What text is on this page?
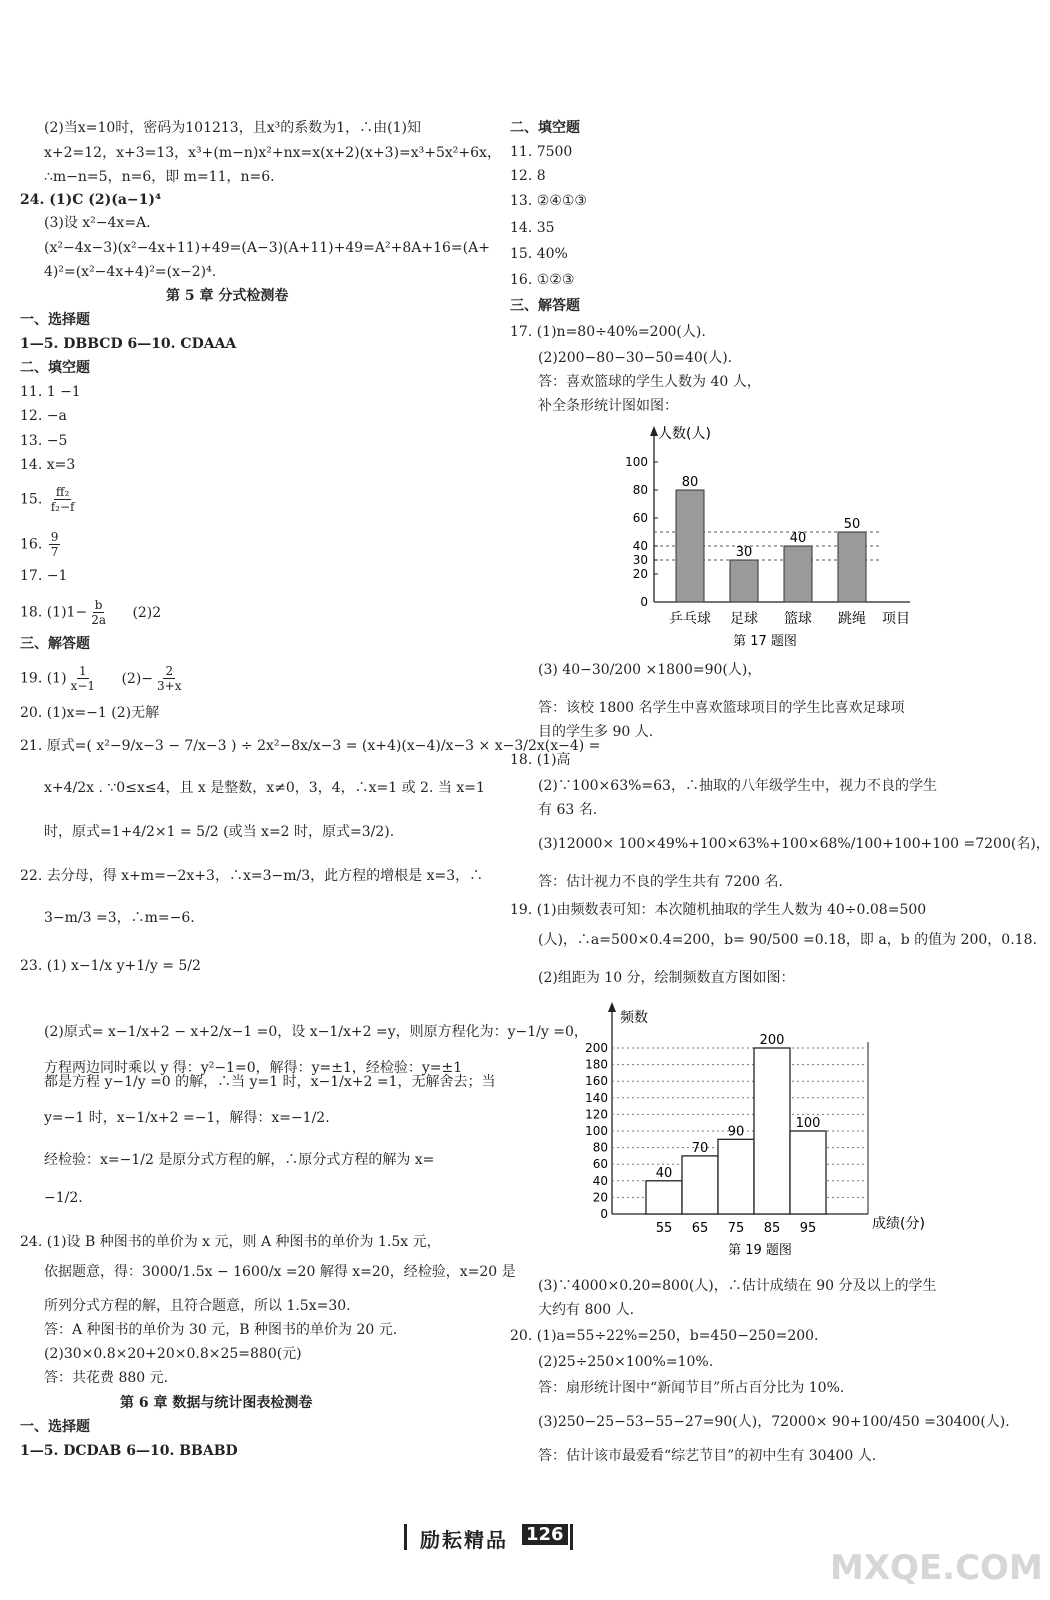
(2)当x=10时，密码为101213，且x³的系数为1，∴由(1)知
x+2=12，x+3=13，x³+(m−n)x²+nx=x(x+2)(x+3)=x³+5x²+6x，
∴m−n=5，n=6，即 m=11，n=6.
24. (1)C (2)(a−1)⁴
(3)设 x²−4x=A.
(x²−4x−3)(x²−4x+11)+49=(A−3)(A+11)+49=A²+8A+16=(A+
4)²=(x²−4x+4)²=(x−2)⁴.
第 5 章 分式检测卷
一、选择题
1—5. DBBCD 6—10. CDAAA
二、填空题
11. 1 −1
12. −a
13. −5
14. x=3
15. $\frac{\text{ff₂}}{\text{f₂−f}}$
16. $\frac{9}{7}$
17. −1
18. $(1)1- \frac{b}{2a} (2)2$
三、解答题
19. $(1) \frac{1}{x-1} (2)- \frac{2}{3+x}$
20. (1)x=−1 (2)无解
21. 原式=( x²−9/x−3 − 7/x−3 ) ÷ 2x²−8x/x−3 = (x+4)(x−4)/x−3 × x−3/2x(x−4) =
x+4/2x . ∵0≤x≤4，且 x 是整数，x≠0，3，4，∴x=1 或 2. 当 x=1
时，原式=1+4/2×1 = 5/2 (或当 x=2 时，原式=3/2).
22. 去分母，得 x+m=−2x+3，∴x=3−m/3，此方程的增根是 x=3，∴
3−m/3 =3，∴m=−6.
23. (1) x−1/x y+1/y = 5/2
(2)原式= x−1/x+2 − x+2/x−1 =0，设 x−1/x+2 =y，则原方程化为：y−1/y =0，
方程两边同时乘以 y 得：y²−1=0，解得：y=±1，经检验：y=±1
都是方程 y−1/y =0 的解，∴当 y=1 时，x−1/x+2 =1，无解舍去；当
y=−1 时，x−1/x+2 =−1，解得：x=−1/2.
经检验：x=−1/2 是原分式方程的解，∴原分式方程的解为 x=
−1/2.
24. (1)设 B 种图书的单价为 x 元，则 A 种图书的单价为 1.5x 元，
依据题意，得：3000/1.5x − 1600/x =20 解得 x=20，经检验，x=20 是
所列分式方程的解，且符合题意，所以 1.5x=30.
答：A 种图书的单价为 30 元，B 种图书的单价为 20 元.
(2)30×0.8×20+20×0.8×25=880(元)
答：共花费 880 元.
第 6 章 数据与统计图表检测卷
一、选择题
1—5. DCDAB 6—10. BBABD
二、填空题
11. 7500
12. 8
13. ②④①③
14. 35
15. 40%
16. ①②③
三、解答题
17. (1)n=80÷40%=200(人).
(2)200−80−30−50=40(人).
答：喜欢篮球的学生人数为 40 人，
补全条形统计图如图：
人数(人)
项目
0
20
30
40
60
80
100
80
乒乓球
30
足球
40
篮球
50
跳绳
第 17 题图
(3) 40−30/200 ×1800=90(人)，
答：该校 1800 名学生中喜欢篮球项目的学生比喜欢足球项
目的学生多 90 人.
18. (1)高
(2)∵100×63%=63，∴抽取的八年级学生中，视力不良的学生
有 63 名.
(3)12000× 100×49%+100×63%+100×68%/100+100+100 =7200(名)，
答：估计视力不良的学生共有 7200 名.
19. (1)由频数表可知：本次随机抽取的学生人数为 40÷0.08=500
(人)，∴a=500×0.4=200，b= 90/500 =0.18，即 a，b 的值为 200，0.18.
(2)组距为 10 分，绘制频数直方图如图：
频数
成绩(分)
0
20
40
60
80
100
120
140
160
180
200
40
70
90
200
100
55 65 75 85 95
第 19 题图
(3)∵4000×0.20=800(人)，∴估计成绩在 90 分及以上的学生
大约有 800 人.
20. (1)a=55÷22%=250，b=450−250=200.
(2)25÷250×100%=10%.
答：扇形统计图中“新闻节目”所占百分比为 10%.
(3)250−25−53−55−27=90(人)，72000× 90+100/450 =30400(人).
答：估计该市最爱看“综艺节目”的初中生有 30400 人.
励耘精品 126
MXQE.COM
